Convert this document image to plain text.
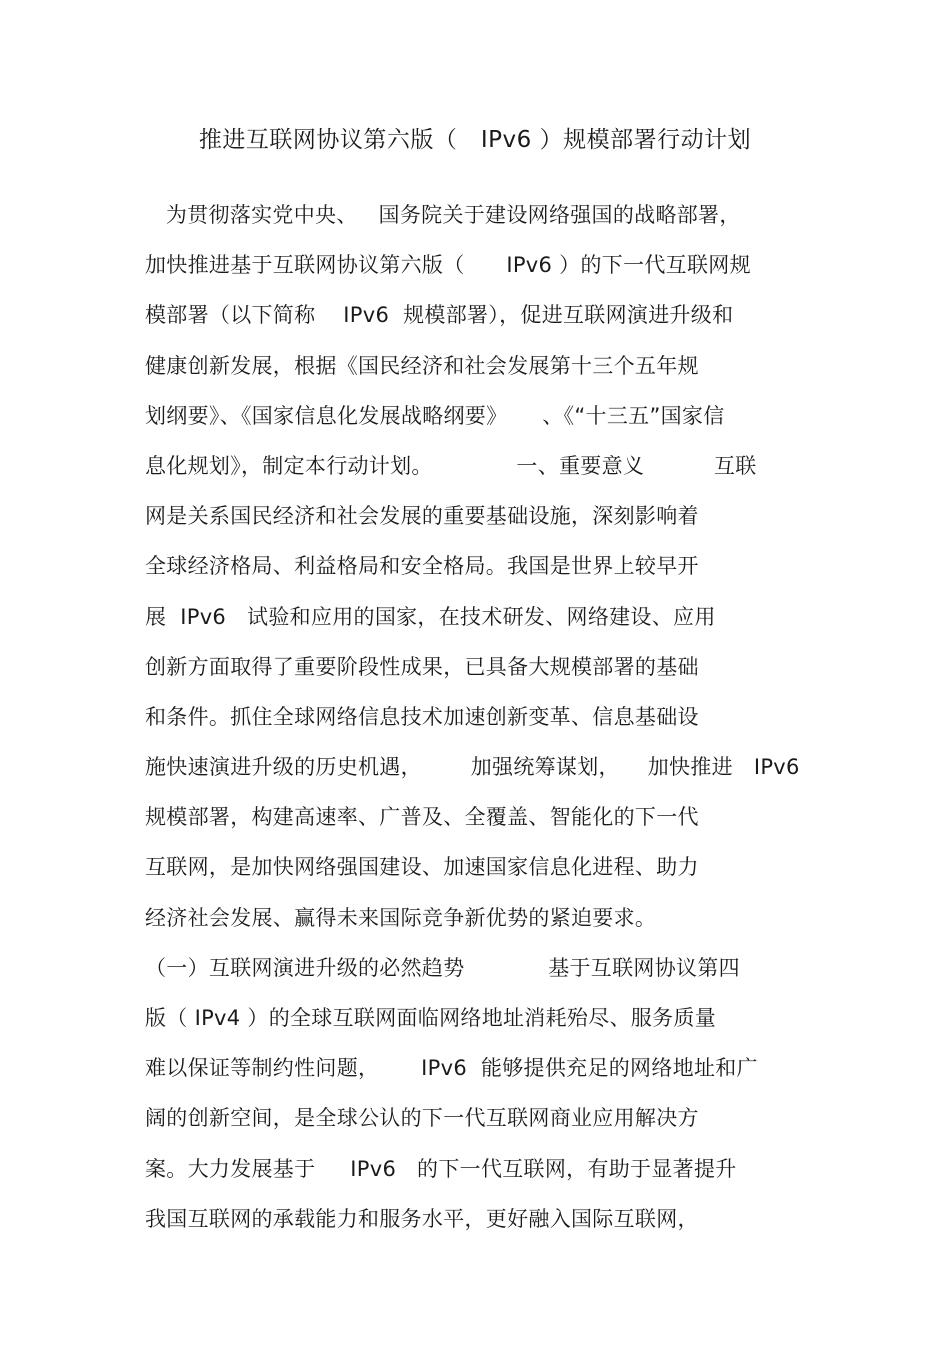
推进互联网协议第六版（   IPv6 ）规模部署行动计划
为贯彻落实党中央、   国务院关于建设网络强国的战略部署，
加快推进基于互联网协议第六版（      IPv6 ）的下一代互联网规
模部署（以下简称    IPv6  规模部署），促进互联网演进升级和
健康创新发展，根据《国民经济和社会发展第十三个五年规
划纲要》、《国家信息化发展战略纲要》     、《“十三五”国家信
息化规划》，制定本行动计划。            一、重要意义          互联
网是关系国民经济和社会发展的重要基础设施，深刻影响着
全球经济格局、利益格局和安全格局。我国是世界上较早开
展  IPv6   试验和应用的国家，在技术研发、网络建设、应用
创新方面取得了重要阶段性成果，已具备大规模部署的基础
和条件。抓住全球网络信息技术加速创新变革、信息基础设
施快速演进升级的历史机遇，       加强统筹谋划，    加快推进   IPv6
规模部署，构建高速率、广普及、全覆盖、智能化的下一代
互联网，是加快网络强国建设、加速国家信息化进程、助力
经济社会发展、赢得未来国际竞争新优势的紧迫要求。
（一）互联网演进升级的必然趋势            基于互联网协议第四
版（ IPv4 ）的全球互联网面临网络地址消耗殆尽、服务质量
难以保证等制约性问题，      IPv6  能够提供充足的网络地址和广
阔的创新空间，是全球公认的下一代互联网商业应用解决方
案。大力发展基于     IPv6   的下一代互联网，有助于显著提升
我国互联网的承载能力和服务水平，更好融入国际互联网，
